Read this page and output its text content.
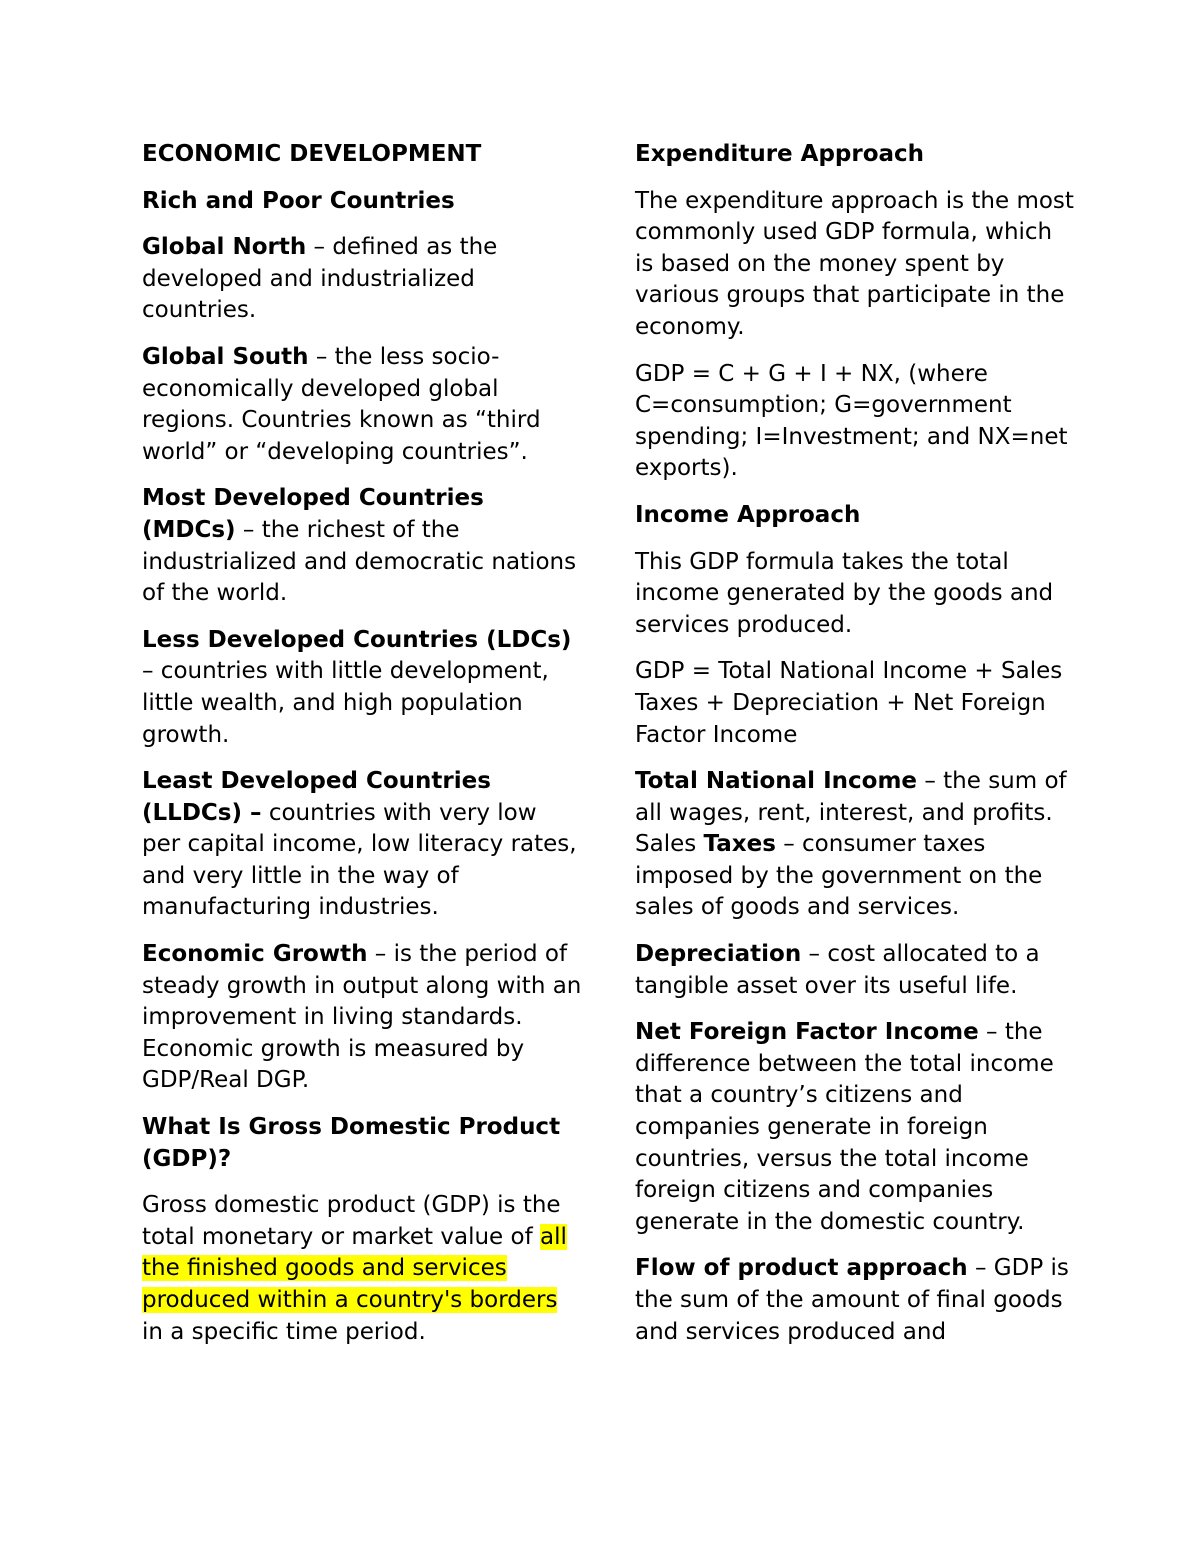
ECONOMIC DEVELOPMENT

Rich and Poor Countries

Global North – defined as the developed and industrialized countries.

Global South – the less socio-economically developed global regions. Countries known as “third world” or “developing countries”.

Most Developed Countries (MDCs) – the richest of the industrialized and democratic nations of the world.

Less Developed Countries (LDCs) – countries with little development, little wealth, and high population growth.

Least Developed Countries (LLDCs) – countries with very low per capital income, low literacy rates, and very little in the way of manufacturing industries.

Economic Growth – is the period of steady growth in output along with an improvement in living standards. Economic growth is measured by GDP/Real DGP.

What Is Gross Domestic Product (GDP)?

Gross domestic product (GDP) is the total monetary or market value of all the finished goods and services produced within a country's borders in a specific time period.

Expenditure Approach

The expenditure approach is the most commonly used GDP formula, which is based on the money spent by various groups that participate in the economy.

GDP = C + G + I + NX, (where C=consumption; G=government spending; I=Investment; and NX=net exports).

Income Approach

This GDP formula takes the total income generated by the goods and services produced.

GDP = Total National Income + Sales Taxes + Depreciation + Net Foreign Factor Income

Total National Income – the sum of all wages, rent, interest, and profits. Sales Taxes – consumer taxes imposed by the government on the sales of goods and services.

Depreciation – cost allocated to a tangible asset over its useful life.

Net Foreign Factor Income – the difference between the total income that a country’s citizens and companies generate in foreign countries, versus the total income foreign citizens and companies generate in the domestic country.

Flow of product approach – GDP is the sum of the amount of final goods and services produced and
